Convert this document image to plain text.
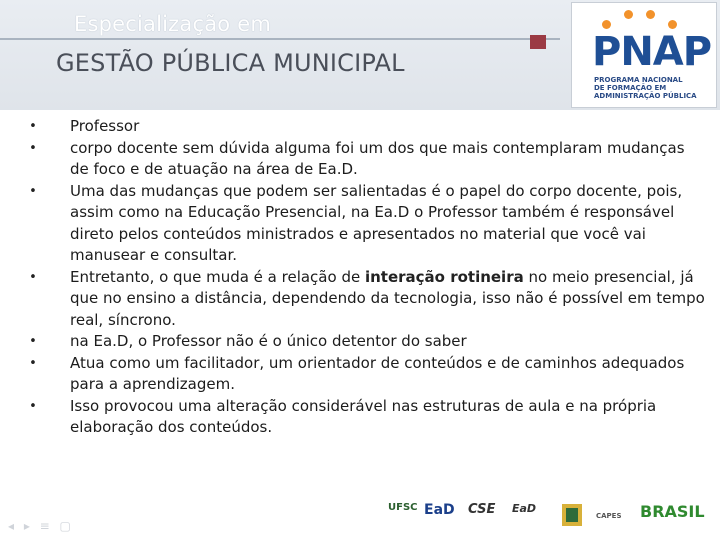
Especialização em
GESTÃO PÚBLICA MUNICIPAL	PNAP
PROGRAMA NACIONAL
DE FORMAÇÃO EM
ADMINISTRAÇÃO PÚBLICA
• Professor
• corpo docente sem dúvida alguma foi um dos que mais contemplaram mudanças de foco e de atuação na área de Ea.D.
• Uma das mudanças que podem ser salientadas é o papel do corpo docente, pois, assim como na Educação Presencial, na Ea.D o Professor também é responsável direto pelos conteúdos ministrados e apresentados no material que você vai manusear e consultar.
• Entretanto, o que muda é a relação de interação rotineira no meio presencial, já que no ensino a distância, dependendo da tecnologia, isso não é possível em tempo real, síncrono.
• na Ea.D, o Professor não é o único detentor do saber
• Atua como um facilitador, um orientador de conteúdos e de caminhos adequados para a aprendizagem.
• Isso provocou uma alteração considerável nas estruturas de aula e na própria elaboração dos conteúdos.
◂ ▸ ≡ ▢
UFSC EaD CSE EaD
CAPES BRASIL
